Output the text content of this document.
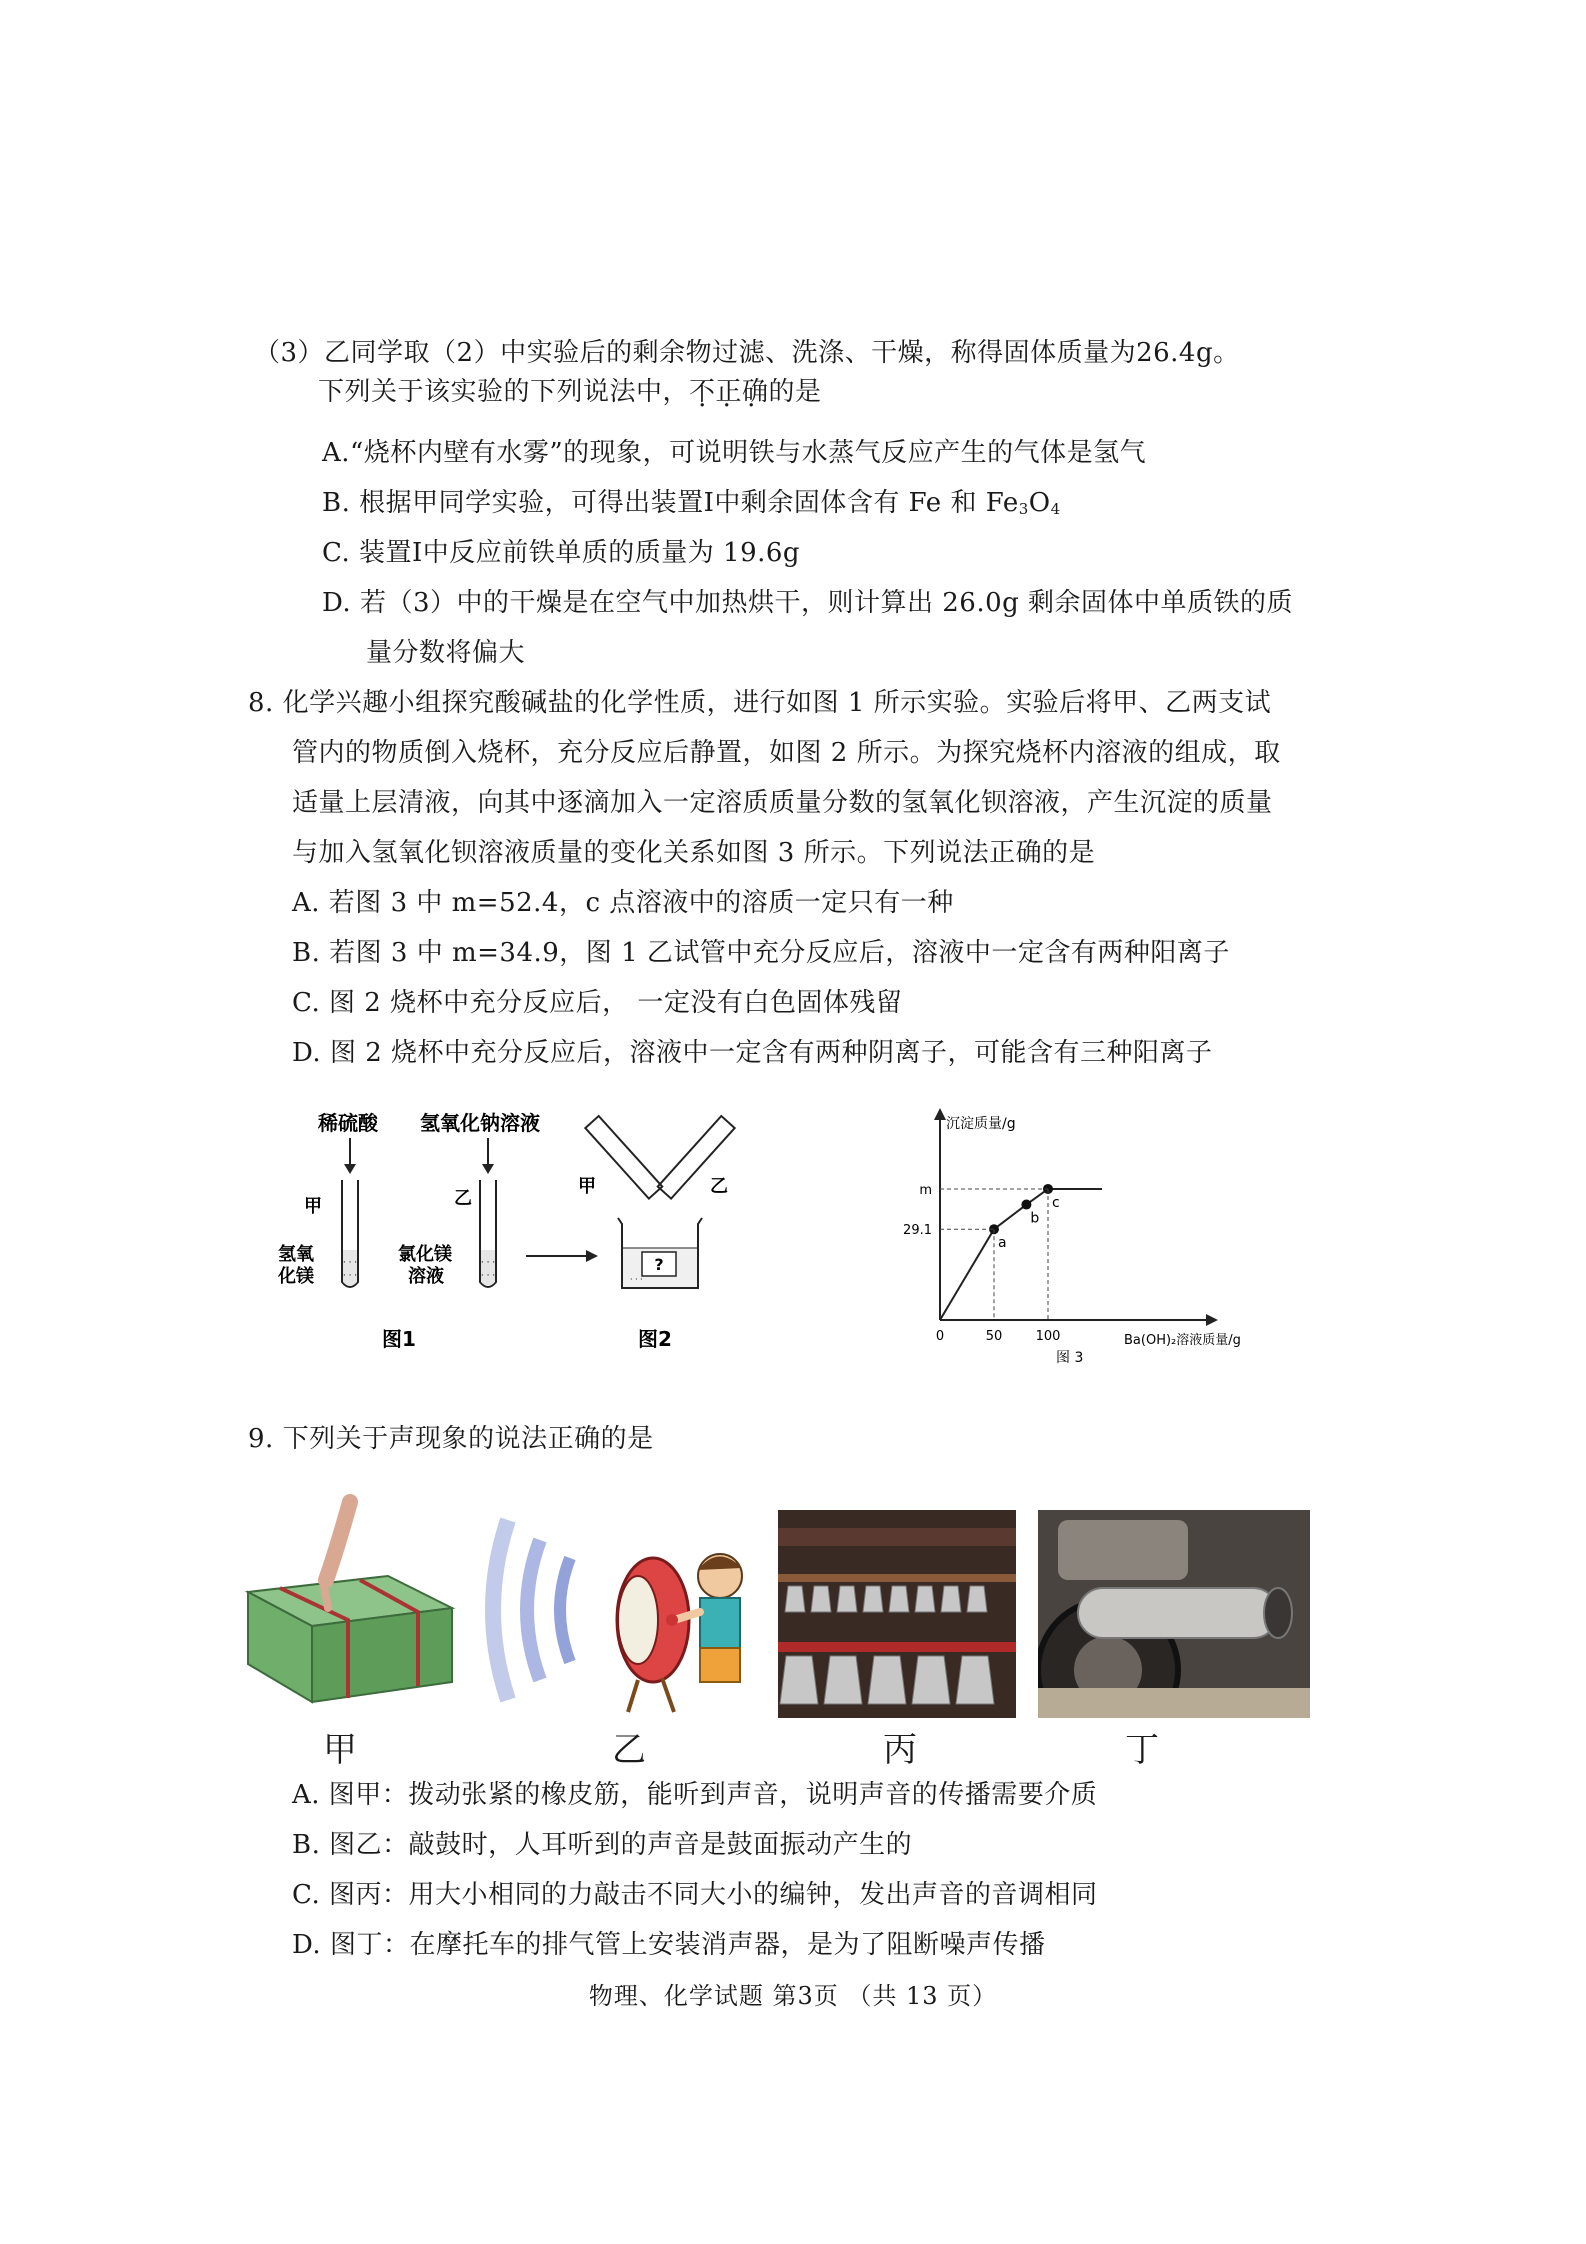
（3）乙同学取（2）中实验后的剩余物过滤、洗涤、干燥，称得固体质量为26.4g。
下列关于该实验的下列说法中，不正确 · · ·的是
A.“烧杯内壁有水雾”的现象，可说明铁与水蒸气反应产生的气体是氢气
B. 根据甲同学实验，可得出装置Ⅰ中剩余固体含有 Fe 和 $Fe_3O_4$
C. 装置Ⅰ中反应前铁单质的质量为 19.6g
D. 若（3）中的干燥是在空气中加热烘干，则计算出 26.0g 剩余固体中单质铁的质
量分数将偏大
8. 化学兴趣小组探究酸碱盐的化学性质，进行如图 1 所示实验。实验后将甲、乙两支试
管内的物质倒入烧杯，充分反应后静置，如图 2 所示。为探究烧杯内溶液的组成，取
适量上层清液，向其中逐滴加入一定溶质质量分数的氢氧化钡溶液，产生沉淀的质量
与加入氢氧化钡溶液质量的变化关系如图 3 所示。下列说法正确的是
A. 若图 3 中 m=52.4，c 点溶液中的溶质一定只有一种
B. 若图 3 中 m=34.9，图 1 乙试管中充分反应后，溶液中一定含有两种阳离子
C. 图 2 烧杯中充分反应后， 一定没有白色固体残留
D. 图 2 烧杯中充分反应后，溶液中一定含有两种阴离子，可能含有三种阳离子
稀硫酸
甲
· · ·
· · ·
氢氧
化镁
氢氧化钠溶液
乙
· · ·
· · ·
氯化镁
溶液
甲	乙
?
· · ·
图1	图2
沉淀质量/g
Ba(OH)₂溶液质量/g
图 3
a
b
c
29.1
m
0	50	100
9. 下列关于声现象的说法正确的是
甲	乙	丙	丁
A. 图甲：拨动张紧的橡皮筋，能听到声音，说明声音的传播需要介质
B. 图乙：敲鼓时，人耳听到的声音是鼓面振动产生的
C. 图丙：用大小相同的力敲击不同大小的编钟，发出声音的音调相同
D. 图丁：在摩托车的排气管上安装消声器，是为了阻断噪声传播
物理、化学试题 第3页 （共 13 页）
